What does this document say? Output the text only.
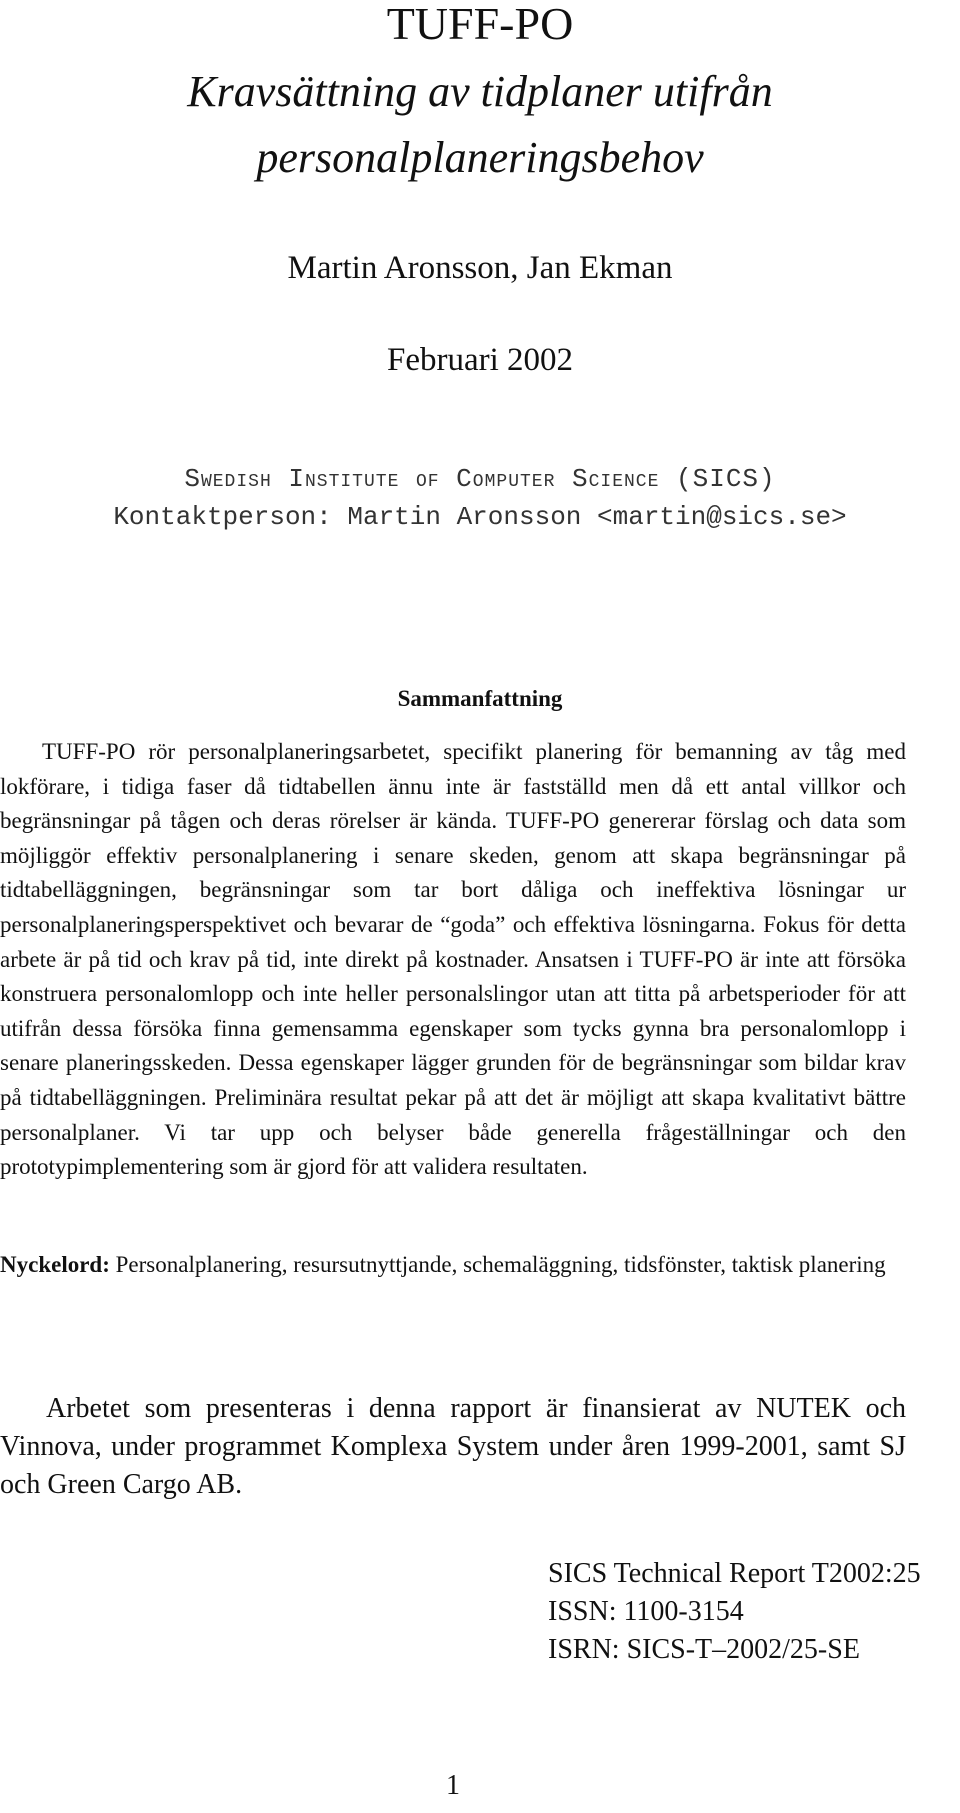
TUFF-PO
Kravsättning av tidplaner utifrån
personalplaneringsbehov
Martin Aronsson, Jan Ekman
Februari 2002
Swedish Institute of Computer Science (SICS)
Kontaktperson: Martin Aronsson <martin@sics.se>
Sammanfattning

TUFF-PO rör personalplaneringsarbetet, specifikt planering för bemanning av tåg med lokförare, i tidiga faser då tidtabellen ännu inte är fastställd men då ett antal villkor och begränsningar på tågen och deras rörelser är kända. TUFF-PO genererar förslag och data som möjliggör effektiv personalplanering i senare skeden, genom att skapa begränsningar på tidtabelläggningen, begränsningar som tar bort dåliga och ineffektiva lösningar ur personalplaneringsperspektivet och bevarar de “goda” och effektiva lösningarna. Fokus för detta arbete är på tid och krav på tid, inte direkt på kostnader. Ansatsen i TUFF-PO är inte att försöka konstruera personalomlopp och inte heller personalslingor utan att titta på arbetsperioder för att utifrån dessa försöka finna gemensamma egenskaper som tycks gynna bra personalomlopp i senare planeringsskeden. Dessa egenskaper lägger grunden för de begränsningar som bildar krav på tidtabelläggningen. Preliminära resultat pekar på att det är möjligt att skapa kvalitativt bättre personalplaner. Vi tar upp och belyser både generella frågeställningar och den prototypimplementering som är gjord för att validera resultaten.

Nyckelord: Personalplanering, resursutnyttjande, schemaläggning, tidsfönster, taktisk planering

Arbetet som presenteras i denna rapport är finansierat av NUTEK och Vinnova, under programmet Komplexa System under åren 1999-2001, samt SJ och Green Cargo AB.

SICS Technical Report T2002:25
ISSN: 1100-3154
ISRN: SICS-T–2002/25-SE
1
